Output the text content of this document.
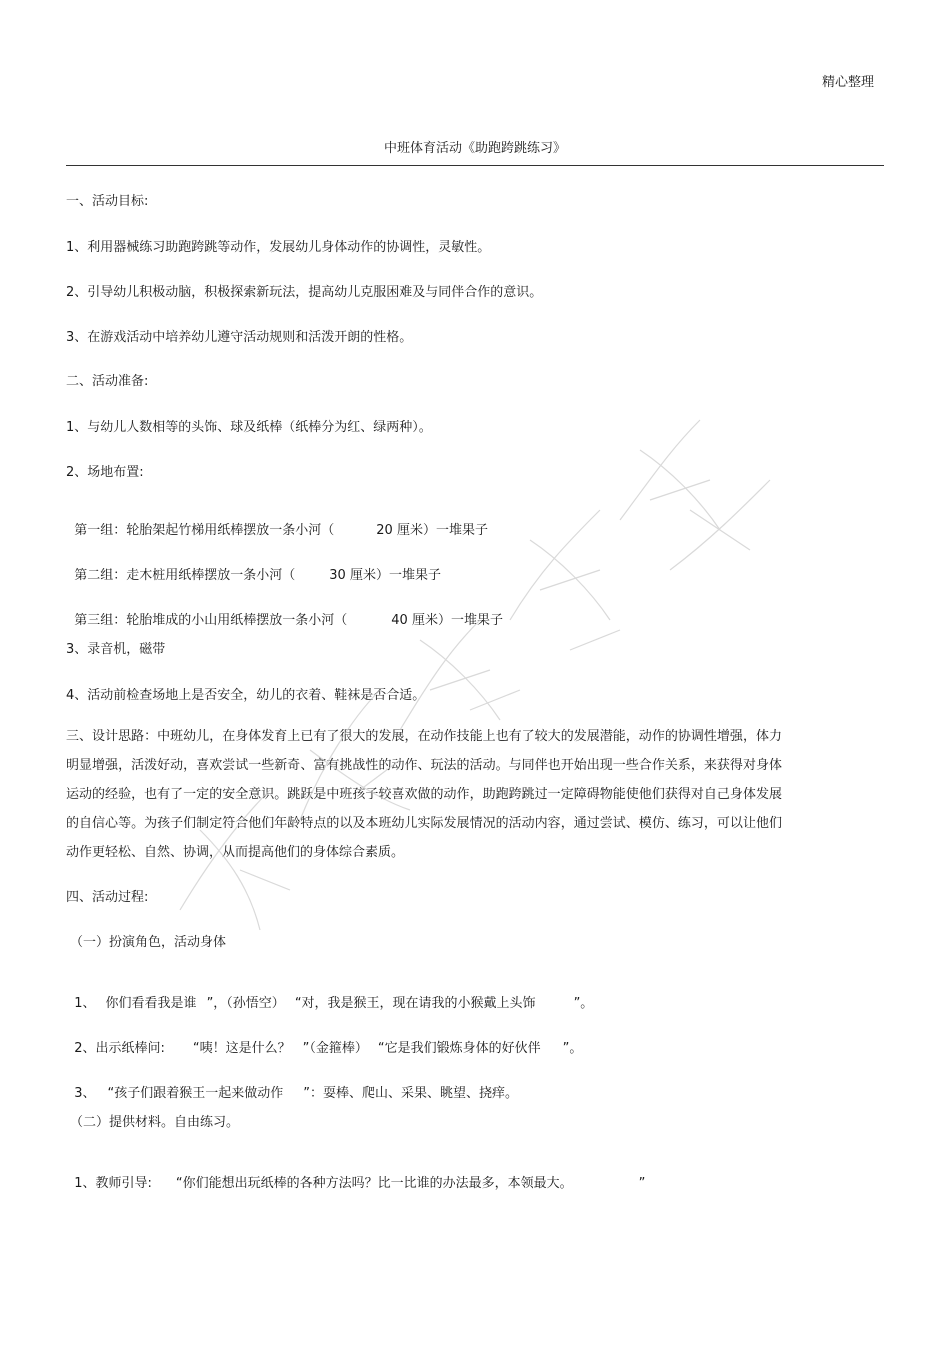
精心整理
中班体育活动《助跑跨跳练习》
一、活动目标:
1、利用器械练习助跑跨跳等动作，发展幼儿身体动作的协调性，灵敏性。
2、引导幼儿积极动脑，积极探索新玩法，提高幼儿克服困难及与同伴合作的意识。
3、在游戏活动中培养幼儿遵守活动规则和活泼开朗的性格。
二、活动准备:
1、与幼儿人数相等的头饰、球及纸棒（纸棒分为红、绿两种）。
2、场地布置:

第一组：轮胎架起竹梯用纸棒摆放一条小河（	20 厘米）一堆果子

第二组：走木桩用纸棒摆放一条小河（	30 厘米）一堆果子

第三组：轮胎堆成的小山用纸棒摆放一条小河（	40 厘米）一堆果子

3、录音机，磁带
4、活动前检查场地上是否安全，幼儿的衣着、鞋袜是否合适。
三、设计思路：中班幼儿，在身体发育上已有了很大的发展，在动作技能上也有了较大的发展潜能，动作的协调性增强，体力明显增强，活泼好动，喜欢尝试一些新奇、富有挑战性的动作、玩法的活动。与同伴也开始出现一些合作关系，来获得对身体运动的经验，也有了一定的安全意识。跳跃是中班孩子较喜欢做的动作，助跑跨跳过一定障碍物能使他们获得对自己身体发展的自信心等。为孩子们制定符合他们年龄特点的以及本班幼儿实际发展情况的活动内容，通过尝试、模仿、练习，可以让他们动作更轻松、自然、协调，从而提高他们的身体综合素质。
四、活动过程:
（一）扮演角色，活动身体

1、 你们看看我是谁 ”，（孙悟空） “对，我是猴王，现在请我的小猴戴上头饰	”。

2、出示纸棒问: “咦！这是什么？ ”（金箍棒） “它是我们锻炼身体的好伙伴 ”。

3、 “孩子们跟着猴王一起来做动作 ”：耍棒、爬山、采果、眺望、挠痒。

（二）提供材料。自由练习。

1、教师引导: “你们能想出玩纸棒的各种方法吗？比一比谁的办法最多，本领最大。	”
